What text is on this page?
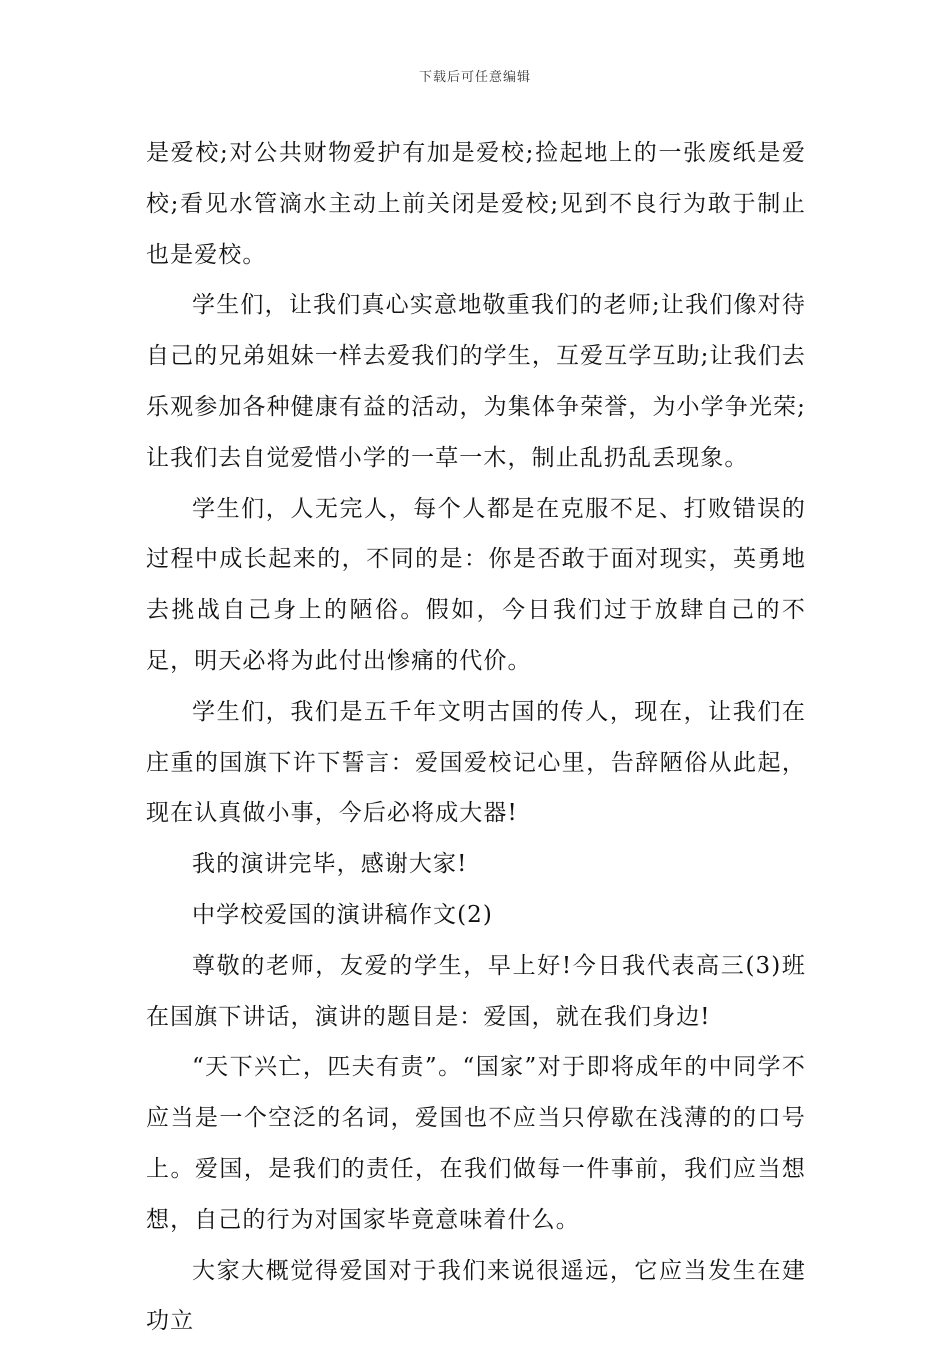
下载后可任意编辑

是爱校;对公共财物爱护有加是爱校;捡起地上的一张废纸是爱校;看见水管滴水主动上前关闭是爱校;见到不良行为敢于制止也是爱校。

学生们，让我们真心实意地敬重我们的老师;让我们像对待自己的兄弟姐妹一样去爱我们的学生，互爱互学互助;让我们去乐观参加各种健康有益的活动，为集体争荣誉，为小学争光荣;让我们去自觉爱惜小学的一草一木，制止乱扔乱丢现象。

学生们，人无完人，每个人都是在克服不足、打败错误的过程中成长起来的，不同的是：你是否敢于面对现实，英勇地去挑战自己身上的陋俗。假如，今日我们过于放肆自己的不足，明天必将为此付出惨痛的代价。

学生们，我们是五千年文明古国的传人，现在，让我们在庄重的国旗下许下誓言：爱国爱校记心里，告辞陋俗从此起，现在认真做小事，今后必将成大器!

我的演讲完毕，感谢大家!

中学校爱国的演讲稿作文(2)

尊敬的老师，友爱的学生，早上好!今日我代表高三(3)班在国旗下讲话，演讲的题目是：爱国，就在我们身边!

“天下兴亡，匹夫有责”。“国家”对于即将成年的中同学不应当是一个空泛的名词，爱国也不应当只停歇在浅薄的的口号上。爱国，是我们的责任，在我们做每一件事前，我们应当想想，自己的行为对国家毕竟意味着什么。

大家大概觉得爱国对于我们来说很遥远，它应当发生在建功立
